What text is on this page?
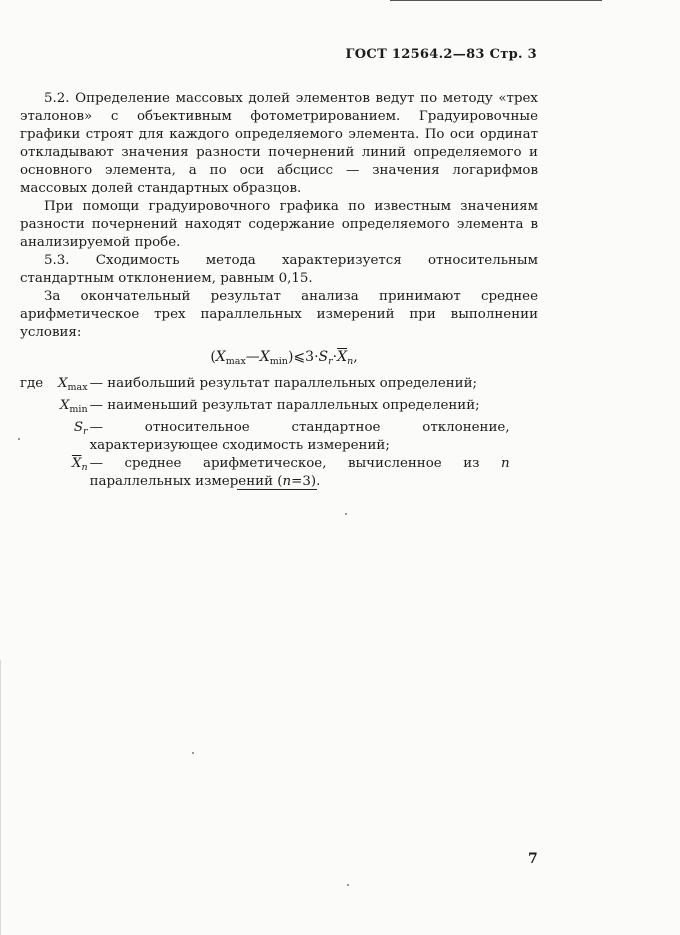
ГОСТ 12564.2—83 Стр. 3

5.2. Определение массовых долей элементов ведут по методу «трех эталонов» с объективным фотометрированием. Градуировочные графики строят для каждого определяемого элемента. По оси ординат откладывают значения разности почернений линий определяемого и основного элемента, а по оси абсцисс — значения логарифмов массовых долей стандартных образцов.

При помощи градуировочного графика по известным значениям разности почернений находят содержание определяемого элемента в анализируемой пробе.

5.3. Сходимость метода характеризуется относительным стандартным отклонением, равным 0,15.

За окончательный результат анализа принимают среднее арифметическое трех параллельных измерений при выполнении условия:

$(X_{max}—X_{min})⩽3\cdot S_r\cdot\overline{X}_n$,
где	$X_{max}$	— наибольший результат параллельных определений;
	$X_{min}$	— наименьший результат параллельных определений;
	$S_r$	— относительное стандартное отклонение, характеризующее сходимость измерений;
	$\overline{X}_n$	— среднее арифметическое, вычисленное из n параллельных измерений (n=3).
7
